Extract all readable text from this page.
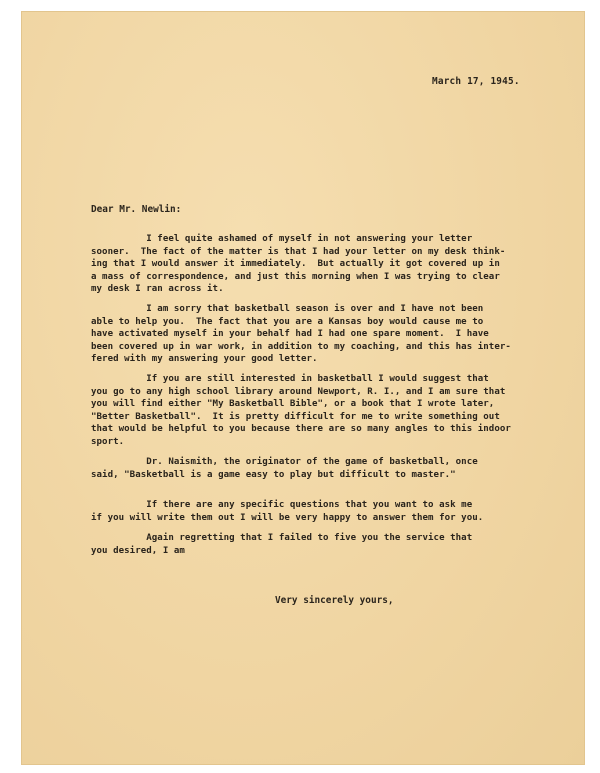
March 17, 1945.
Dear Mr. Newlin:

I feel quite ashamed of myself in not answering your letter
sooner.  The fact of the matter is that I had your letter on my desk think-
ing that I would answer it immediately.  But actually it got covered up in
a mass of correspondence, and just this morning when I was trying to clear
my desk I ran across it.

I am sorry that basketball season is over and I have not been
able to help you.  The fact that you are a Kansas boy would cause me to
have activated myself in your behalf had I had one spare moment.  I have
been covered up in war work, in addition to my coaching, and this has inter-
fered with my answering your good letter.

If you are still interested in basketball I would suggest that
you go to any high school library around Newport, R. I., and I am sure that
you will find either "My Basketball Bible", or a book that I wrote later,
"Better Basketball".  It is pretty difficult for me to write something out
that would be helpful to you because there are so many angles to this indoor
sport.

Dr. Naismith, the originator of the game of basketball, once
said, "Basketball is a game easy to play but difficult to master."

If there are any specific questions that you want to ask me
if you will write them out I will be very happy to answer them for you.

Again regretting that I failed to five you the service that
you desired, I am

Very sincerely yours,
